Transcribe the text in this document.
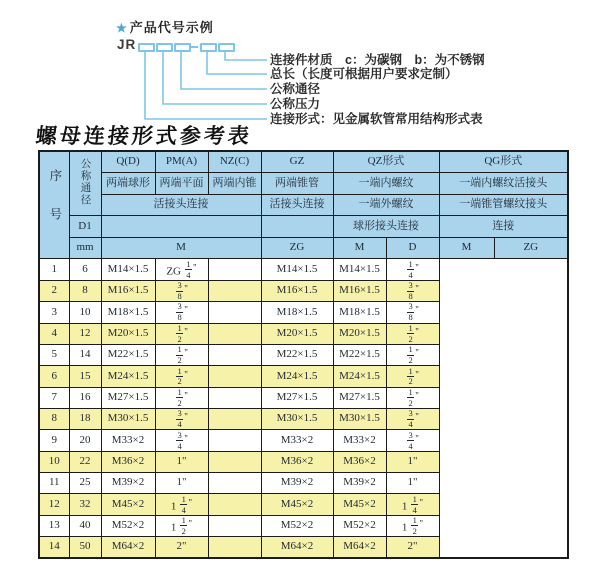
★ 产品代号示例
JR
连接件材质　c：为碳钢　b：为不锈钢
总长（长度可根据用户要求定制）
公称通径
公称压力
连接形式：见金属软管常用结构形式表
螺母连接形式参考表
序号	公称通径	Q(D)	PM(A)	NZ(C)	GZ	QZ形式		QG形式	
		两端球形	两端平面	两端内锥	两端锥管	一端内螺纹		一端内螺纹活接头	
		活接头连接			活接头连接	一端外螺纹		一端锥管螺纹接头	
	D1					球形接头连接		连接	
	mm	M			ZG	M	D	M	ZG
1	6	M14×1.5	ZG $\frac{1}{4} ^"$		M14×1.5	M14×1.5	$\frac{1}{4} ^"$
2	8	M16×1.5	$\frac{3}{8} ^"$		M16×1.5	M16×1.5	$\frac{3}{8} ^"$
3	10	M18×1.5	$\frac{3}{8} ^"$		M18×1.5	M18×1.5	$\frac{3}{8} ^"$
4	12	M20×1.5	$\frac{1}{2} ^"$		M20×1.5	M20×1.5	$\frac{1}{2} ^"$
5	14	M22×1.5	$\frac{1}{2} ^"$		M22×1.5	M22×1.5	$\frac{1}{2} ^"$
6	15	M24×1.5	$\frac{1}{2} ^"$		M24×1.5	M24×1.5	$\frac{1}{2} ^"$
7	16	M27×1.5	$\frac{1}{2} ^"$		M27×1.5	M27×1.5	$\frac{1}{2} ^"$
8	18	M30×1.5	$\frac{3}{4} ^"$		M30×1.5	M30×1.5	$\frac{3}{4} ^"$
9	20	M33×2	$\frac{3}{4} ^"$		M33×2	M33×2	$\frac{3}{4} ^"$
10	22	M36×2	1"		M36×2	M36×2	1"		
11	25	M39×2	1"		M39×2	M39×2	1"		
12	32	M45×2	$1 \frac{1}{4} ^"$		M45×2	M45×2	$1 \frac{1}{4} ^"$
13	40	M52×2	$1 \frac{1}{2} ^"$		M52×2	M52×2	$1 \frac{1}{2} ^"$
14	50	M64×2	2"		M64×2	M64×2	2"		
